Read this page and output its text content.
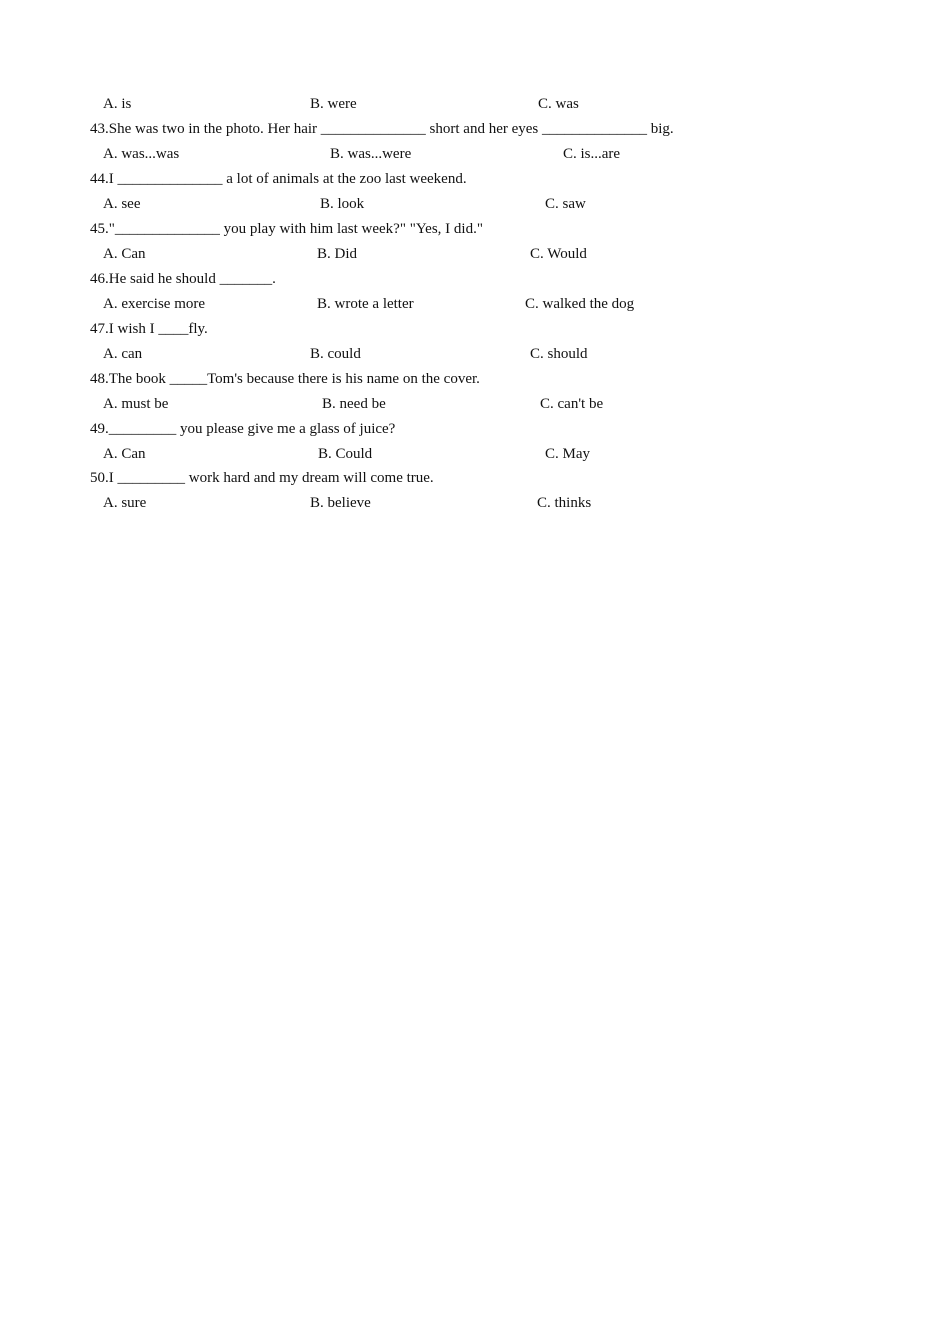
A. is	B. were	C. was
43.She was two in the photo. Her hair ______________ short and her eyes ______________ big.
A. was...was	B. was...were	C. is...are
44.I ______________ a lot of animals at the zoo last weekend.
A. see	B. look	C. saw
45."______________ you play with him last week?" "Yes, I did."
A. Can	B. Did	C. Would
46.He said he should _______.
A. exercise more	B. wrote a letter	C. walked the dog
47.I wish I ____fly.
A. can	B. could	C. should
48.The book _____Tom's because there is his name on the cover.
A. must be	B. need be	C. can't be
49._________ you please give me a glass of juice?
A. Can	B. Could	C. May
50.I _________ work hard and my dream will come true.
A. sure	B. believe	C. thinks
